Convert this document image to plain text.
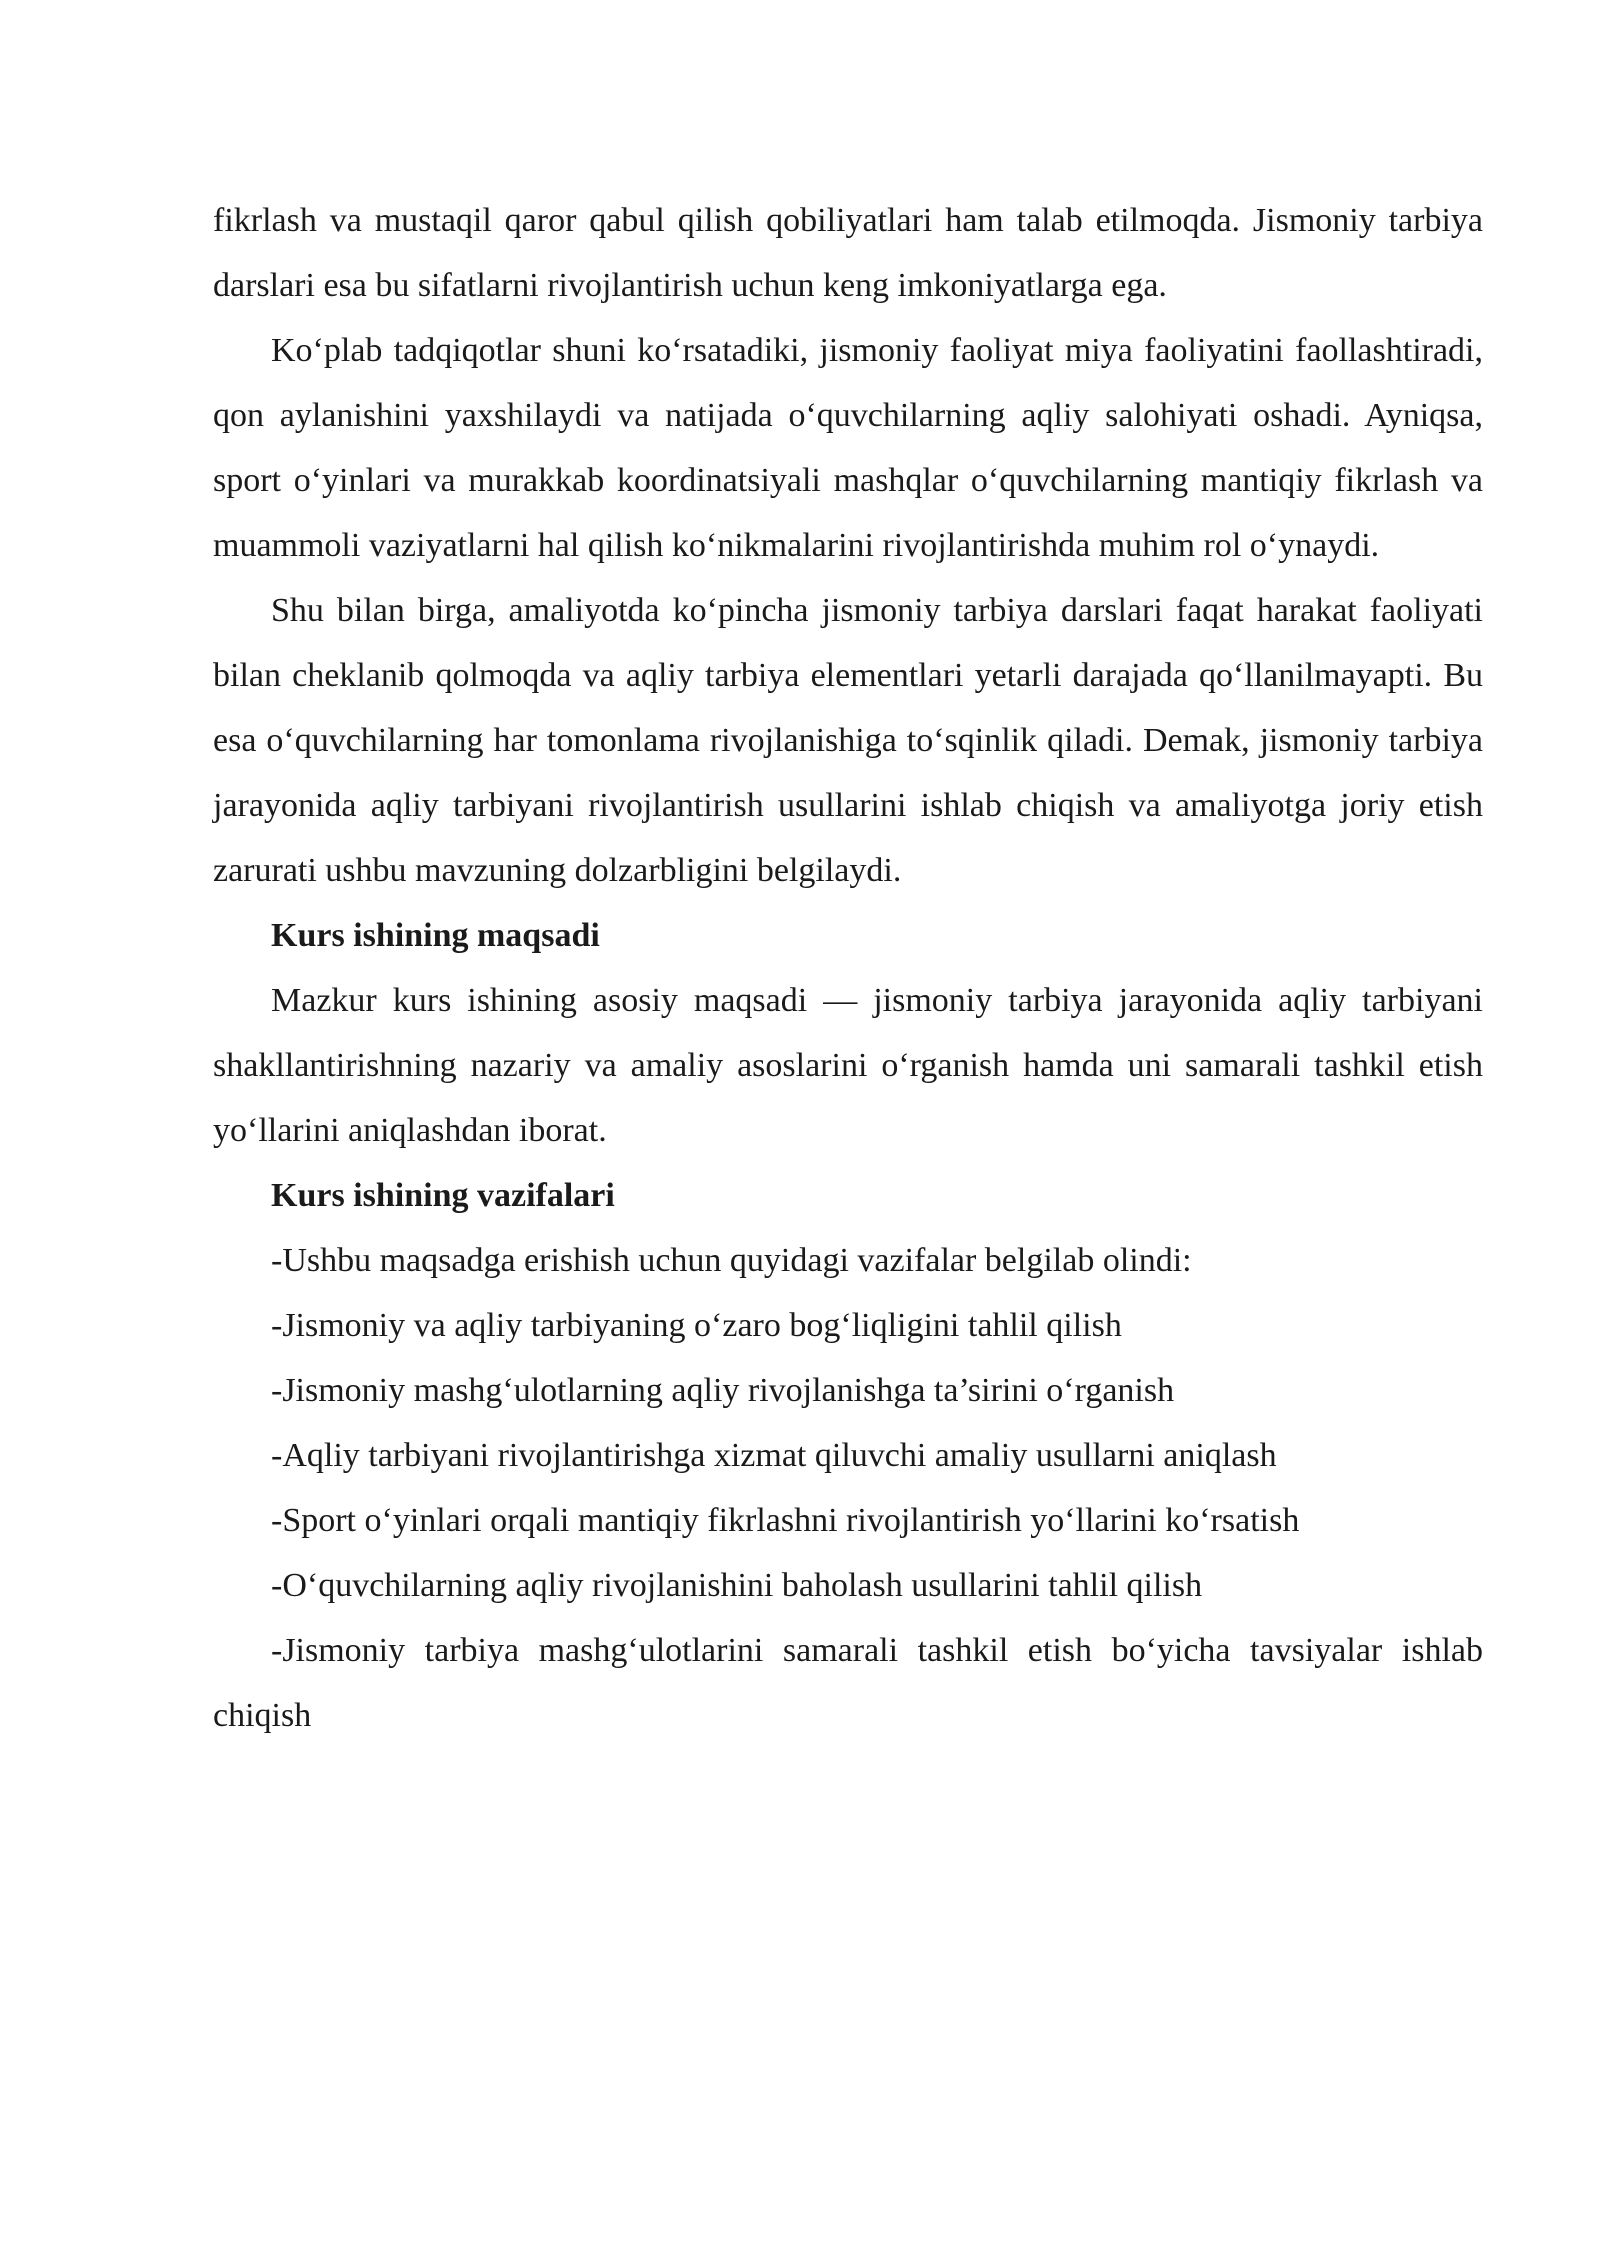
fikrlash va mustaqil qaror qabul qilish qobiliyatlari ham talab etilmoqda. Jismoniy tarbiya darslari esa bu sifatlarni rivojlantirish uchun keng imkoniyatlarga ega.

Ko‘plab tadqiqotlar shuni ko‘rsatadiki, jismoniy faoliyat miya faoliyatini faollashtiradi, qon aylanishini yaxshilaydi va natijada o‘quvchilarning aqliy salohiyati oshadi. Ayniqsa, sport o‘yinlari va murakkab koordinatsiyali mashqlar o‘quvchilarning mantiqiy fikrlash va muammoli vaziyatlarni hal qilish ko‘nikmalarini rivojlantirishda muhim rol o‘ynaydi.

Shu bilan birga, amaliyotda ko‘pincha jismoniy tarbiya darslari faqat harakat faoliyati bilan cheklanib qolmoqda va aqliy tarbiya elementlari yetarli darajada qo‘llanilmayapti. Bu esa o‘quvchilarning har tomonlama rivojlanishiga to‘sqinlik qiladi. Demak, jismoniy tarbiya jarayonida aqliy tarbiyani rivojlantirish usullarini ishlab chiqish va amaliyotga joriy etish zarurati ushbu mavzuning dolzarbligini belgilaydi.

Kurs ishining maqsadi

Mazkur kurs ishining asosiy maqsadi — jismoniy tarbiya jarayonida aqliy tarbiyani shakllantirishning nazariy va amaliy asoslarini o‘rganish hamda uni samarali tashkil etish yo‘llarini aniqlashdan iborat.

Kurs ishining vazifalari

-Ushbu maqsadga erishish uchun quyidagi vazifalar belgilab olindi:

-Jismoniy va aqliy tarbiyaning o‘zaro bog‘liqligini tahlil qilish

-Jismoniy mashg‘ulotlarning aqliy rivojlanishga ta’sirini o‘rganish

-Aqliy tarbiyani rivojlantirishga xizmat qiluvchi amaliy usullarni aniqlash

-Sport o‘yinlari orqali mantiqiy fikrlashni rivojlantirish yo‘llarini ko‘rsatish

-O‘quvchilarning aqliy rivojlanishini baholash usullarini tahlil qilish

-Jismoniy tarbiya mashg‘ulotlarini samarali tashkil etish bo‘yicha tavsiyalar ishlab chiqish
